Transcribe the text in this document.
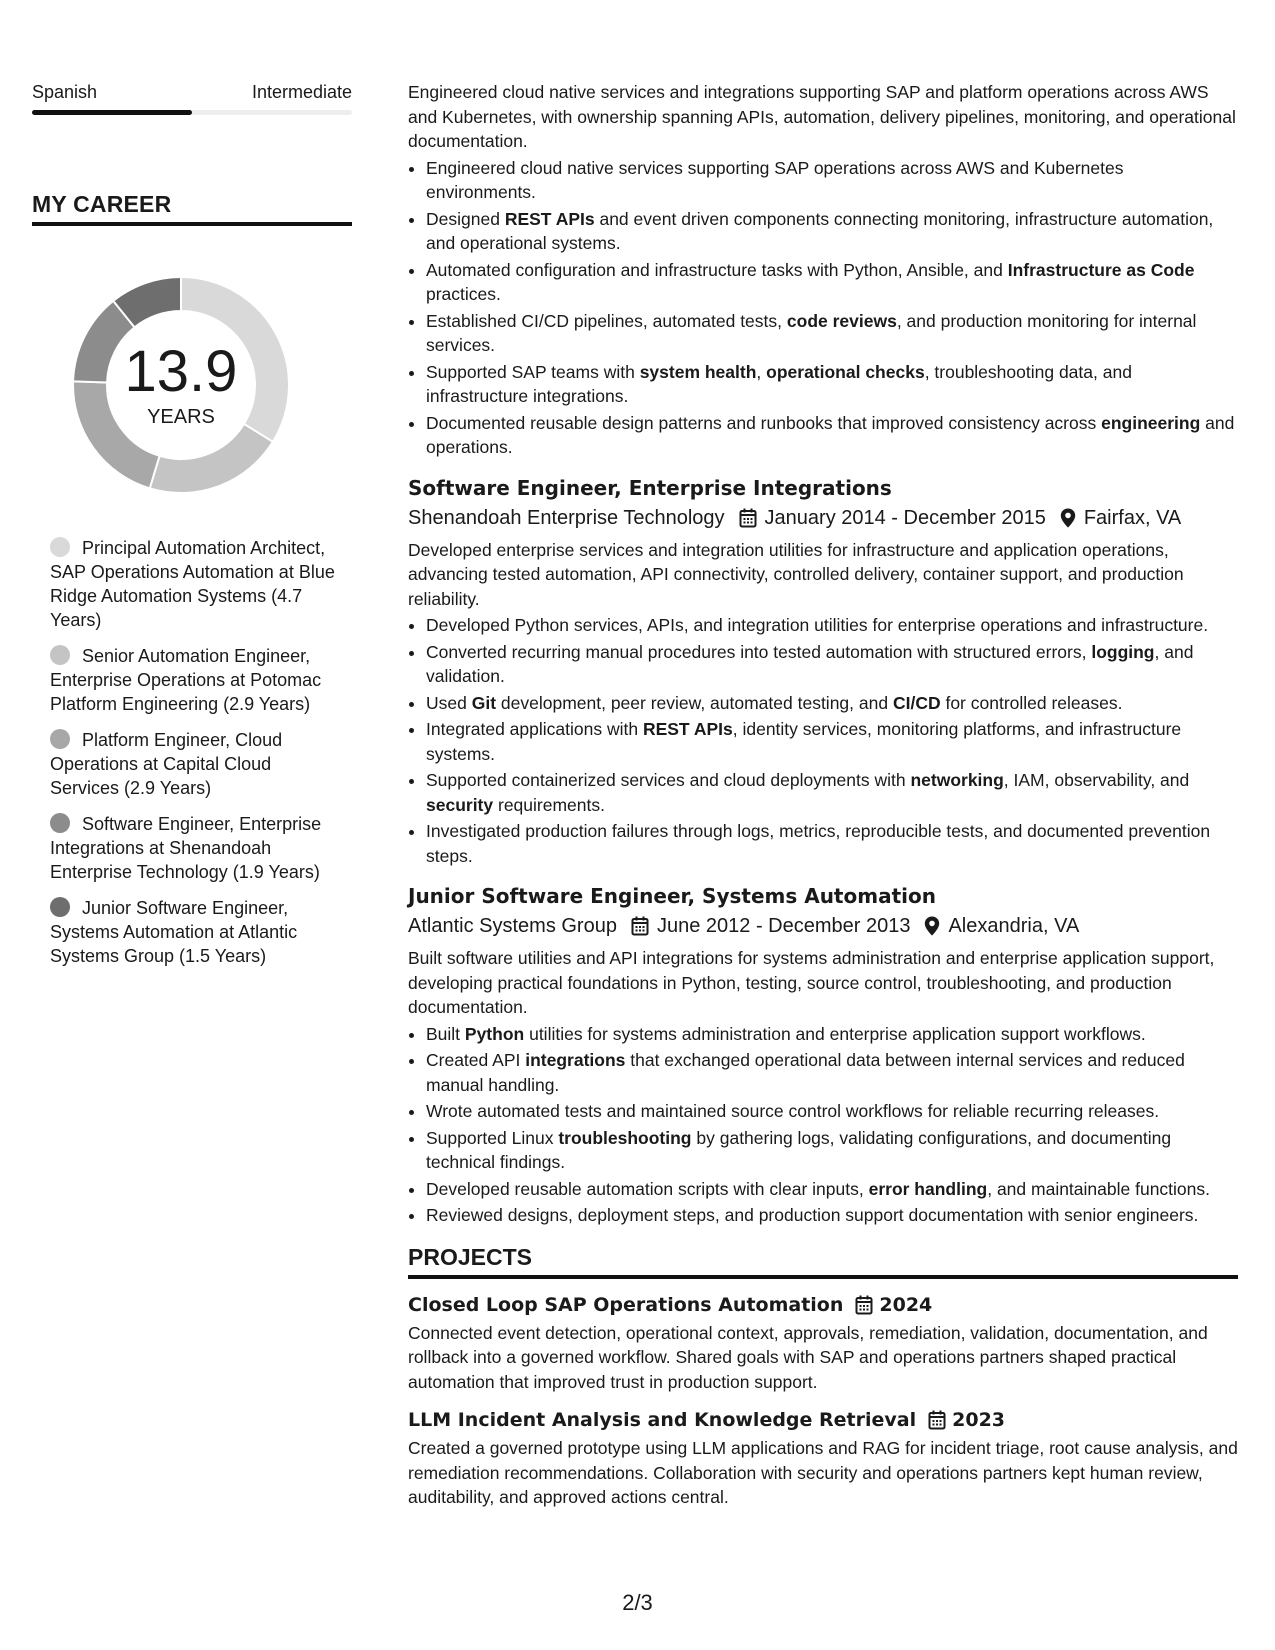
Spanish	Intermediate
MY CAREER
13.9
YEARS
Principal Automation Architect, SAP Operations Automation at Blue Ridge Automation Systems (4.7 Years)
Senior Automation Engineer, Enterprise Operations at Potomac Platform Engineering (2.9 Years)
Platform Engineer, Cloud Operations at Capital Cloud Services (2.9 Years)
Software Engineer, Enterprise Integrations at Shenandoah Enterprise Technology (1.9 Years)
Junior Software Engineer, Systems Automation at Atlantic Systems Group (1.5 Years)

Engineered cloud native services and integrations supporting SAP and platform operations across AWS and Kubernetes, with ownership spanning APIs, automation, delivery pipelines, monitoring, and operational documentation.

• Engineered cloud native services supporting SAP operations across AWS and Kubernetes environments.
• Designed REST APIs and event driven components connecting monitoring, infrastructure automation, and operational systems.
• Automated configuration and infrastructure tasks with Python, Ansible, and Infrastructure as Code practices.
• Established CI/CD pipelines, automated tests, code reviews, and production monitoring for internal services.
• Supported SAP teams with system health, operational checks, troubleshooting data, and infrastructure integrations.
• Documented reusable design patterns and runbooks that improved consistency across engineering and operations.
Software Engineer, Enterprise Integrations
Shenandoah Enterprise Technology January 2014 - December 2015 Fairfax, VA

Developed enterprise services and integration utilities for infrastructure and application operations, advancing tested automation, API connectivity, controlled delivery, container support, and production reliability.

• Developed Python services, APIs, and integration utilities for enterprise operations and infrastructure.
• Converted recurring manual procedures into tested automation with structured errors, logging, and validation.
• Used Git development, peer review, automated testing, and CI/CD for controlled releases.
• Integrated applications with REST APIs, identity services, monitoring platforms, and infrastructure systems.
• Supported containerized services and cloud deployments with networking, IAM, observability, and security requirements.
• Investigated production failures through logs, metrics, reproducible tests, and documented prevention steps.
Junior Software Engineer, Systems Automation
Atlantic Systems Group June 2012 - December 2013 Alexandria, VA

Built software utilities and API integrations for systems administration and enterprise application support, developing practical foundations in Python, testing, source control, troubleshooting, and production documentation.

• Built Python utilities for systems administration and enterprise application support workflows.
• Created API integrations that exchanged operational data between internal services and reduced manual handling.
• Wrote automated tests and maintained source control workflows for reliable recurring releases.
• Supported Linux troubleshooting by gathering logs, validating configurations, and documenting technical findings.
• Developed reusable automation scripts with clear inputs, error handling, and maintainable functions.
• Reviewed designs, deployment steps, and production support documentation with senior engineers.
PROJECTS
Closed Loop SAP Operations Automation 2024

Connected event detection, operational context, approvals, remediation, validation, documentation, and rollback into a governed workflow. Shared goals with SAP and operations partners shaped practical automation that improved trust in production support.

LLM Incident Analysis and Knowledge Retrieval 2023

Created a governed prototype using LLM applications and RAG for incident triage, root cause analysis, and remediation recommendations. Collaboration with security and operations partners kept human review, auditability, and approved actions central.

2/3
